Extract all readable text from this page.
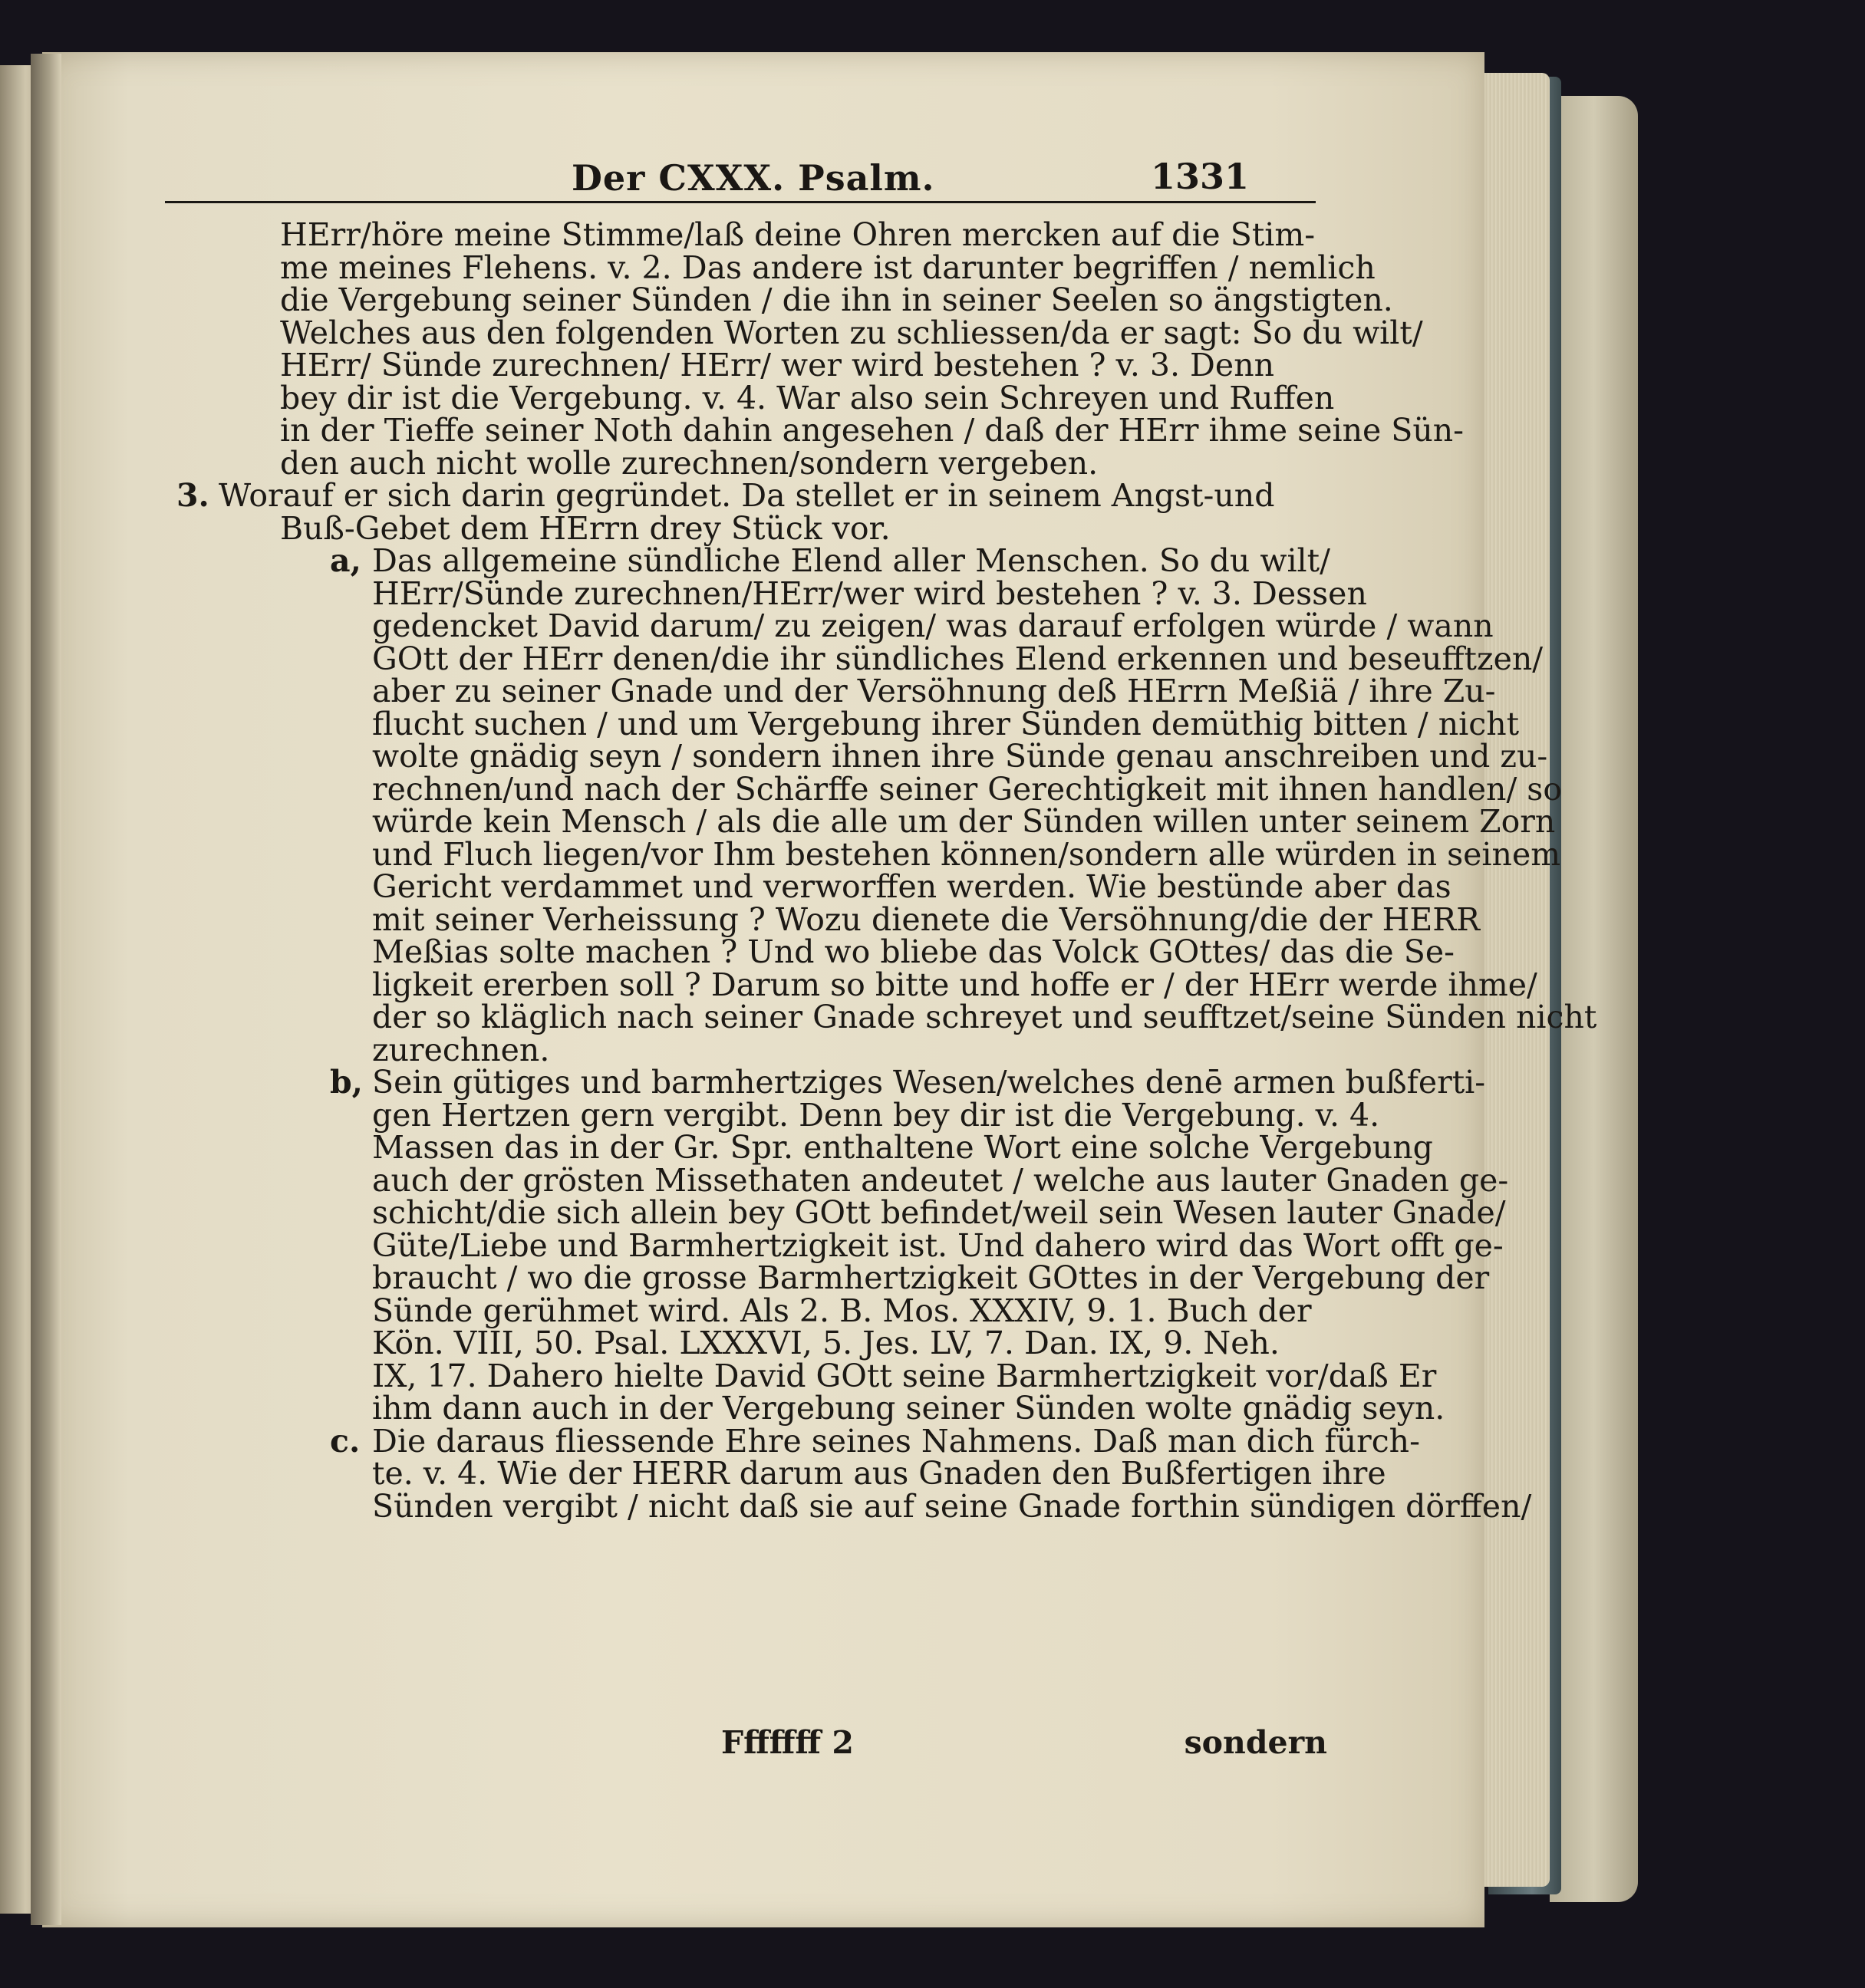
Der CXXX. Psalm.	1331
HErr/höre meine Stimme/laß deine Ohren mercken auf die Stim-
me meines Flehens. v. 2. Das andere ist darunter begriffen / nemlich
die Vergebung seiner Sünden / die ihn in seiner Seelen so ängstigten.
Welches aus den folgenden Worten zu schliessen/da er sagt: So du wilt/
HErr/ Sünde zurechnen/ HErr/ wer wird bestehen ? v. 3. Denn
bey dir ist die Vergebung. v. 4. War also sein Schreyen und Ruffen
in der Tieffe seiner Noth dahin angesehen / daß der HErr ihme seine Sün-
den auch nicht wolle zurechnen/sondern vergeben.
3. Worauf er sich darin gegründet. Da stellet er in seinem Angst-und
Buß-Gebet dem HErrn drey Stück vor.
a, Das allgemeine sündliche Elend aller Menschen. So du wilt/
HErr/Sünde zurechnen/HErr/wer wird bestehen ? v. 3. Dessen
gedencket David darum/ zu zeigen/ was darauf erfolgen würde / wann
GOtt der HErr denen/die ihr sündliches Elend erkennen und beseufftzen/
aber zu seiner Gnade und der Versöhnung deß HErrn Meßiä / ihre Zu-
flucht suchen / und um Vergebung ihrer Sünden demüthig bitten / nicht
wolte gnädig seyn / sondern ihnen ihre Sünde genau anschreiben und zu-
rechnen/und nach der Schärffe seiner Gerechtigkeit mit ihnen handlen/ so
würde kein Mensch / als die alle um der Sünden willen unter seinem Zorn
und Fluch liegen/vor Ihm bestehen können/sondern alle würden in seinem
Gericht verdammet und verworffen werden. Wie bestünde aber das
mit seiner Verheissung ? Wozu dienete die Versöhnung/die der HERR
Meßias solte machen ? Und wo bliebe das Volck GOttes/ das die Se-
ligkeit ererben soll ? Darum so bitte und hoffe er / der HErr werde ihme/
der so kläglich nach seiner Gnade schreyet und seufftzet/seine Sünden nicht
zurechnen.
b, Sein gütiges und barmhertziges Wesen/welches denē armen bußferti-
gen Hertzen gern vergibt. Denn bey dir ist die Vergebung. v. 4.
Massen das in der Gr. Spr. enthaltene Wort eine solche Vergebung
auch der grösten Missethaten andeutet / welche aus lauter Gnaden ge-
schicht/die sich allein bey GOtt befindet/weil sein Wesen lauter Gnade/
Güte/Liebe und Barmhertzigkeit ist. Und dahero wird das Wort offt ge-
braucht / wo die grosse Barmhertzigkeit GOttes in der Vergebung der
Sünde gerühmet wird. Als 2. B. Mos. XXXIV, 9. 1. Buch der
Kön. VIII, 50. Psal. LXXXVI, 5. Jes. LV, 7. Dan. IX, 9. Neh.
IX, 17. Dahero hielte David GOtt seine Barmhertzigkeit vor/daß Er
ihm dann auch in der Vergebung seiner Sünden wolte gnädig seyn.
c. Die daraus fliessende Ehre seines Nahmens. Daß man dich fürch-
te. v. 4. Wie der HERR darum aus Gnaden den Bußfertigen ihre
Sünden vergibt / nicht daß sie auf seine Gnade forthin sündigen dörffen/
Fffffff 2	sondern
